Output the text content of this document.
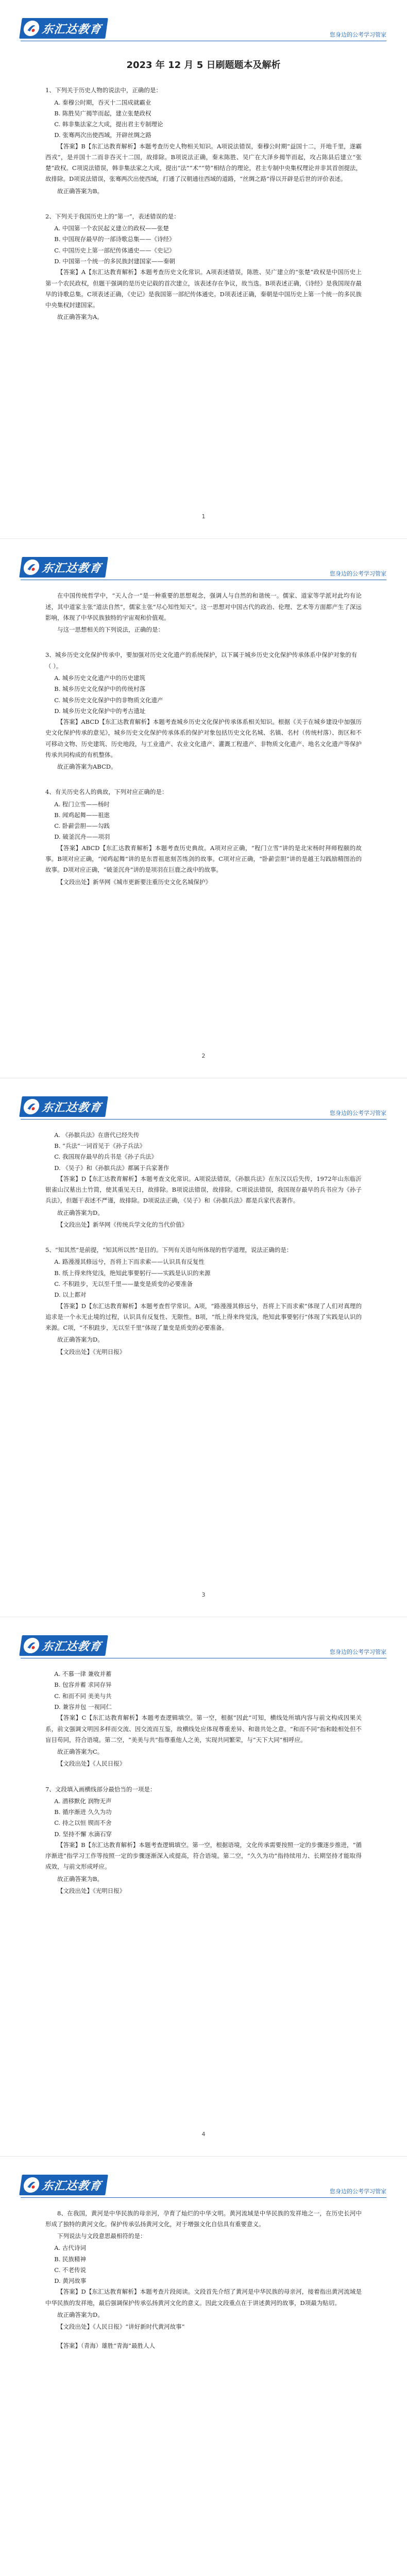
东汇达教育	您身边的公考学习管家
2023 年 12 月 5 日刷题题本及解析
1、下列关于历史人物的说法中，正确的是：
A. 秦穆公时期，吞灭十二国成就霸业
B. 陈胜吴广揭竿而起，建立张楚政权
C. 韩非集法家之大成，提出君主专制理论
D. 张骞两次出使西域，开辟丝绸之路
【答案】B【东汇达教育解析】本题考查历史人物相关知识。A项说法错误，秦穆公时期“益国十二，开地千里，遂霸西戎”，是并国十二而非吞灭十二国，故排除。B项说法正确，秦末陈胜、吴广在大泽乡揭竿而起，攻占陈县后建立“张楚”政权。C项说法错误，韩非集法家之大成，提出“法”“术”“势”相结合的理论，君主专制中央集权理论并非其首创提法，故排除。D项说法错误，张骞两次出使西域，打通了汉朝通往西域的道路，“丝绸之路”得以开辟是后世的评价表述。
故正确答案为B。
2、下列关于我国历史上的“第一”，表述错误的是：
A. 中国第一个农民起义建立的政权——张楚
B. 中国现存最早的一部诗歌总集——《诗经》
C. 中国历史上第一部纪传体通史——《史记》
D. 中国第一个统一的多民族封建国家——秦朝
【答案】A【东汇达教育解析】本题考查历史文化常识。A项表述错误，陈胜、吴广建立的“张楚”政权是中国历史上第一个农民政权，但题干强调的是历史记载的首次建立，该表述存在争议，故当选。B项表述正确，《诗经》是我国现存最早的诗歌总集。C项表述正确，《史记》是我国第一部纪传体通史。D项表述正确，秦朝是中国历史上第一个统一的多民族中央集权封建国家。
故正确答案为A。
1
东汇达教育	您身边的公考学习管家
在中国传统哲学中，“天人合一”是一种重要的思想观念，强调人与自然的和谐统一。儒家、道家等学派对此均有论述，其中道家主张“道法自然”，儒家主张“尽心知性知天”。这一思想对中国古代的政治、伦理、艺术等方面都产生了深远影响，体现了中华民族独特的宇宙观和价值观。
与这一思想相关的下列说法，正确的是：
3、城乡历史文化保护传承中，要加强对历史文化遗产的系统保护，以下属于城乡历史文化保护传承体系中保护对象的有（ ）。
A. 城乡历史文化遗产中的历史建筑
B. 城乡历史文化保护中的传统村落
C. 城乡历史文化保护中的非物质文化遗产
D. 城乡历史文化保护中的考古遗址
【答案】ABCD【东汇达教育解析】本题考查城乡历史文化保护传承体系相关知识。根据《关于在城乡建设中加强历史文化保护传承的意见》，城乡历史文化保护传承体系的保护对象包括历史文化名城、名镇、名村（传统村落）、街区和不可移动文物、历史建筑、历史地段，与工业遗产、农业文化遗产、灌溉工程遗产、非物质文化遗产、地名文化遗产等保护传承共同构成的有机整体。
故正确答案为ABCD。
4、有关历史名人的典故，下列对应正确的是：
A. 程门立雪——杨时
B. 闻鸡起舞——祖逖
C. 卧薪尝胆——勾践
D. 破釜沉舟——项羽
【答案】ABCD【东汇达教育解析】本题考查历史典故。A项对应正确，“程门立雪”讲的是北宋杨时拜师程颐的故事。B项对应正确，“闻鸡起舞”讲的是东晋祖逖刻苦练剑的故事。C项对应正确，“卧薪尝胆”讲的是越王勾践励精图治的故事。D项对应正确，“破釜沉舟”讲的是项羽在巨鹿之战中的故事。
【文段出处】新华网《城市更新要注重历史文化名城保护》
2
东汇达教育	您身边的公考学习管家
A. 《孙膑兵法》在唐代已经失传
B. “兵法”一词首见于《孙子兵法》
C. 我国现存最早的兵书是《孙子兵法》
D. 《吴子》和《孙膑兵法》都属于兵家著作
【答案】D【东汇达教育解析】本题考查文化常识。A项说法错误，《孙膑兵法》在东汉以后失传，1972年山东临沂银雀山汉墓出土竹简，使其重见天日，故排除。B项说法错误，故排除。C项说法错误，我国现存最早的兵书应为《孙子兵法》，但题干表述不严谨，故排除。D项说法正确，《吴子》和《孙膑兵法》都是兵家代表著作。
故正确答案为D。
【文段出处】新华网《传统兵学文化的当代价值》
5、“知其然”是前提，“知其所以然”是目的。下列有关语句所体现的哲学道理，说法正确的是：
A. 路漫漫其修远兮，吾将上下而求索——认识具有反复性
B. 纸上得来终觉浅，绝知此事要躬行——实践是认识的来源
C. 不积跬步，无以至千里——量变是质变的必要准备
D. 以上都对
【答案】D【东汇达教育解析】本题考查哲学常识。A项，“路漫漫其修远兮，吾将上下而求索”体现了人们对真理的追求是一个永无止境的过程，认识具有反复性、无限性。B项，“纸上得来终觉浅，绝知此事要躬行”体现了实践是认识的来源。C项，“不积跬步，无以至千里”体现了量变是质变的必要准备。
故正确答案为D。
【文段出处】《光明日报》
3
东汇达教育	您身边的公考学习管家
A. 不慕一律 兼收并蓄
B. 包容并蓄 求同存异
C. 和而不同 美美与共
D. 兼容并包 一视同仁
【答案】C【东汇达教育解析】本题考查逻辑填空。第一空，根据“因此”可知，横线处所填内容与前文构成因果关系，前文强调文明因多样而交流、因交流而互鉴，故横线处应体现尊重差异、和谐共处之意。“和而不同”指和睦相处但不盲目苟同，符合语境。第二空，“美美与共”指尊重他人之美，实现共同繁荣，与“天下大同”相呼应。
故正确答案为C。
【文段出处】《人民日报》
7、文段填入画横线部分最恰当的一项是：
A. 潜移默化 润物无声
B. 循序渐进 久久为功
C. 持之以恒 锲而不舍
D. 坚持不懈 水滴石穿
【答案】B【东汇达教育解析】本题考查逻辑填空。第一空，根据语境，文化传承需要按照一定的步骤逐步推进，“循序渐进”指学习工作等按照一定的步骤逐渐深入或提高，符合语境。第二空，“久久为功”指持续用力、长期坚持才能取得成效，与前文形成呼应。
故正确答案为B。
【文段出处】《光明日报》
4
东汇达教育	您身边的公考学习管家
8、在我国，黄河是中华民族的母亲河，孕育了灿烂的中华文明。黄河流域是中华民族的发祥地之一，在历史长河中形成了独特的黄河文化。保护传承弘扬黄河文化，对于增强文化自信具有重要意义。
下列说法与文段意思最相符的是：
A. 古代诗词
B. 民族精神
C. 不老传说
D. 黄河故事
【答案】D【东汇达教育解析】本题考查片段阅读。文段首先介绍了黄河是中华民族的母亲河，接着指出黄河流域是中华民族的发祥地，最后强调保护传承弘扬黄河文化的意义。因此文段重点在于讲述黄河的故事，D项最为贴切。
故正确答案为D。
【文段出处】《人民日报》“讲好新时代黄河故事”
【答案】（青海）雄胜“青海”最胜人人
